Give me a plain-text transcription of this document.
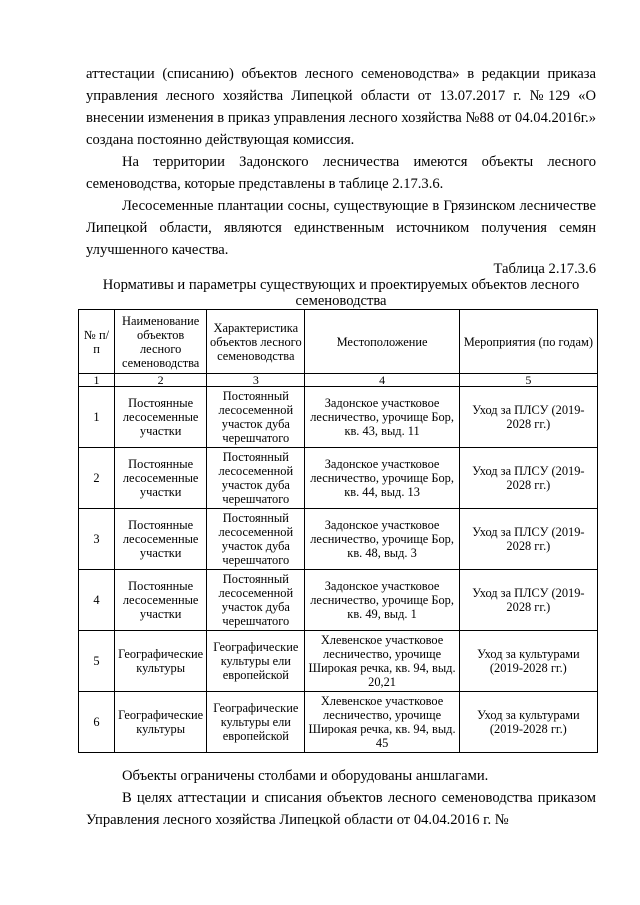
аттестации (списанию) объектов лесного семеноводства» в редакции приказа управления лесного хозяйства Липецкой области от 13.07.2017 г. №129 «О внесении изменения в приказ управления лесного хозяйства №88 от 04.04.2016г.» создана постоянно действующая комиссия.

На территории Задонского лесничества имеются объекты лесного семеноводства, которые представлены в таблице 2.17.3.6.

Лесосеменные плантации сосны, существующие в Грязинском лесничестве Липецкой области, являются единственным источником получения семян улучшенного качества.

Таблица 2.17.3.6

Нормативы и параметры существующих и проектируемых объектов лесного семеноводства

№ п/п	Наименование объектов лесного семеноводства	Характеристика объектов лесного семеноводства	Местоположение	Мероприятия (по годам)
1	2	3	4	5
1	Постоянные лесосеменные участки	Постоянный лесосеменной участок дуба черешчатого	Задонское участковое лесничество, урочище Бор, кв. 43, выд. 11	Уход за ПЛСУ (2019-2028 гг.)
2	Постоянные лесосеменные участки	Постоянный лесосеменной участок дуба черешчатого	Задонское участковое лесничество, урочище Бор, кв. 44, выд. 13	Уход за ПЛСУ (2019-2028 гг.)
3	Постоянные лесосеменные участки	Постоянный лесосеменной участок дуба черешчатого	Задонское участковое лесничество, урочище Бор, кв. 48, выд. 3	Уход за ПЛСУ (2019-2028 гг.)
4	Постоянные лесосеменные участки	Постоянный лесосеменной участок дуба черешчатого	Задонское участковое лесничество, урочище Бор, кв. 49, выд. 1	Уход за ПЛСУ (2019-2028 гг.)
5	Географические культуры	Географические культуры ели европейской	Хлевенское участковое лесничество, урочище Широкая речка, кв. 94, выд. 20,21	Уход за культурами (2019-2028 гг.)
6	Географические культуры	Географические культуры ели европейской	Хлевенское участковое лесничество, урочище Широкая речка, кв. 94, выд. 45	Уход за культурами (2019-2028 гг.)

Объекты ограничены столбами и оборудованы аншлагами.

В целях аттестации и списания объектов лесного семеноводства приказом Управления лесного хозяйства Липецкой области от 04.04.2016 г. №
